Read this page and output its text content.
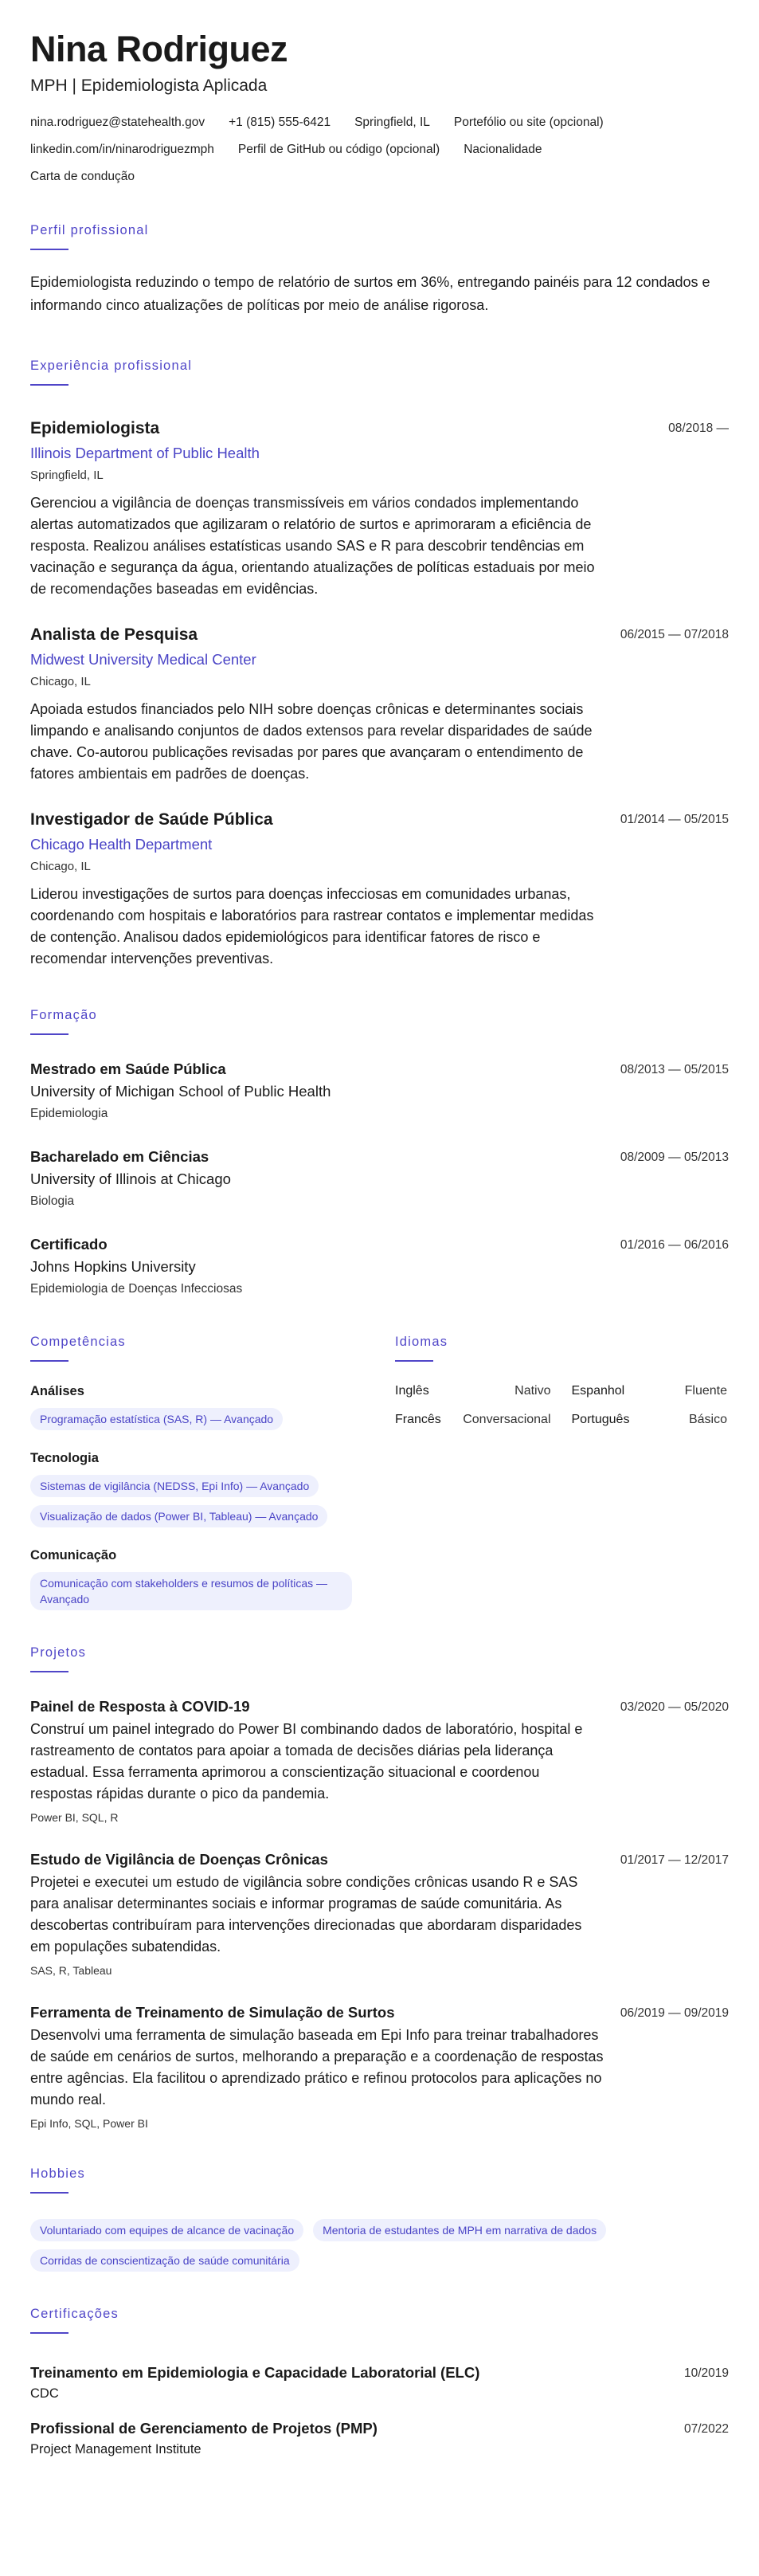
Nina Rodriguez
MPH | Epidemiologista Aplicada
nina.rodriguez@statehealth.gov +1 (815) 555-6421 Springfield, IL Portefólio ou site (opcional)
linkedin.com/in/ninarodriguezmph Perfil de GitHub ou código (opcional) Nacionalidade
Carta de condução
Perfil profissional
Epidemiologista reduzindo o tempo de relatório de surtos em 36%, entregando painéis para 12 condados e informando cinco atualizações de políticas por meio de análise rigorosa.
Experiência profissional
Epidemiologista
Illinois Department of Public Health
Springfield, IL
Gerenciou a vigilância de doenças transmissíveis em vários condados implementando alertas automatizados que agilizaram o relatório de surtos e aprimoraram a eficiência de resposta. Realizou análises estatísticas usando SAS e R para descobrir tendências em vacinação e segurança da água, orientando atualizações de políticas estaduais por meio de recomendações baseadas em evidências.
08/2018 —
Analista de Pesquisa
Midwest University Medical Center
Chicago, IL
Apoiada estudos financiados pelo NIH sobre doenças crônicas e determinantes sociais limpando e analisando conjuntos de dados extensos para revelar disparidades de saúde chave. Co-autorou publicações revisadas por pares que avançaram o entendimento de fatores ambientais em padrões de doenças.
06/2015 — 07/2018
Investigador de Saúde Pública
Chicago Health Department
Chicago, IL
Liderou investigações de surtos para doenças infecciosas em comunidades urbanas, coordenando com hospitais e laboratórios para rastrear contatos e implementar medidas de contenção. Analisou dados epidemiológicos para identificar fatores de risco e recomendar intervenções preventivas.
01/2014 — 05/2015
Formação
Mestrado em Saúde Pública
University of Michigan School of Public Health
Epidemiologia
08/2013 — 05/2015
Bacharelado em Ciências
University of Illinois at Chicago
Biologia
08/2009 — 05/2013
Certificado
Johns Hopkins University
Epidemiologia de Doenças Infecciosas
01/2016 — 06/2016
Competências
Análises
Programação estatística (SAS, R) — Avançado
Tecnologia
Sistemas de vigilância (NEDSS, Epi Info) — Avançado
Visualização de dados (Power BI, Tableau) — Avançado
Comunicação
Comunicação com stakeholders e resumos de políticas — Avançado
Idiomas
Inglês	Nativo Espanhol	Fluente
Francês Conversacional Português	Básico
Projetos
Painel de Resposta à COVID-19
Construí um painel integrado do Power BI combinando dados de laboratório, hospital e rastreamento de contatos para apoiar a tomada de decisões diárias pela liderança estadual. Essa ferramenta aprimorou a conscientização situacional e coordenou respostas rápidas durante o pico da pandemia.
Power BI, SQL, R
03/2020 — 05/2020
Estudo de Vigilância de Doenças Crônicas
Projetei e executei um estudo de vigilância sobre condições crônicas usando R e SAS para analisar determinantes sociais e informar programas de saúde comunitária. As descobertas contribuíram para intervenções direcionadas que abordaram disparidades em populações subatendidas.
SAS, R, Tableau
01/2017 — 12/2017
Ferramenta de Treinamento de Simulação de Surtos
Desenvolvi uma ferramenta de simulação baseada em Epi Info para treinar trabalhadores de saúde em cenários de surtos, melhorando a preparação e a coordenação de respostas entre agências. Ela facilitou o aprendizado prático e refinou protocolos para aplicações no mundo real.
Epi Info, SQL, Power BI
06/2019 — 09/2019
Hobbies
Voluntariado com equipes de alcance de vacinação	Mentoria de estudantes de MPH em narrativa de dados
Corridas de conscientização de saúde comunitária
Certificações
Treinamento em Epidemiologia e Capacidade Laboratorial (ELC)
CDC
10/2019
Profissional de Gerenciamento de Projetos (PMP)
Project Management Institute
07/2022
